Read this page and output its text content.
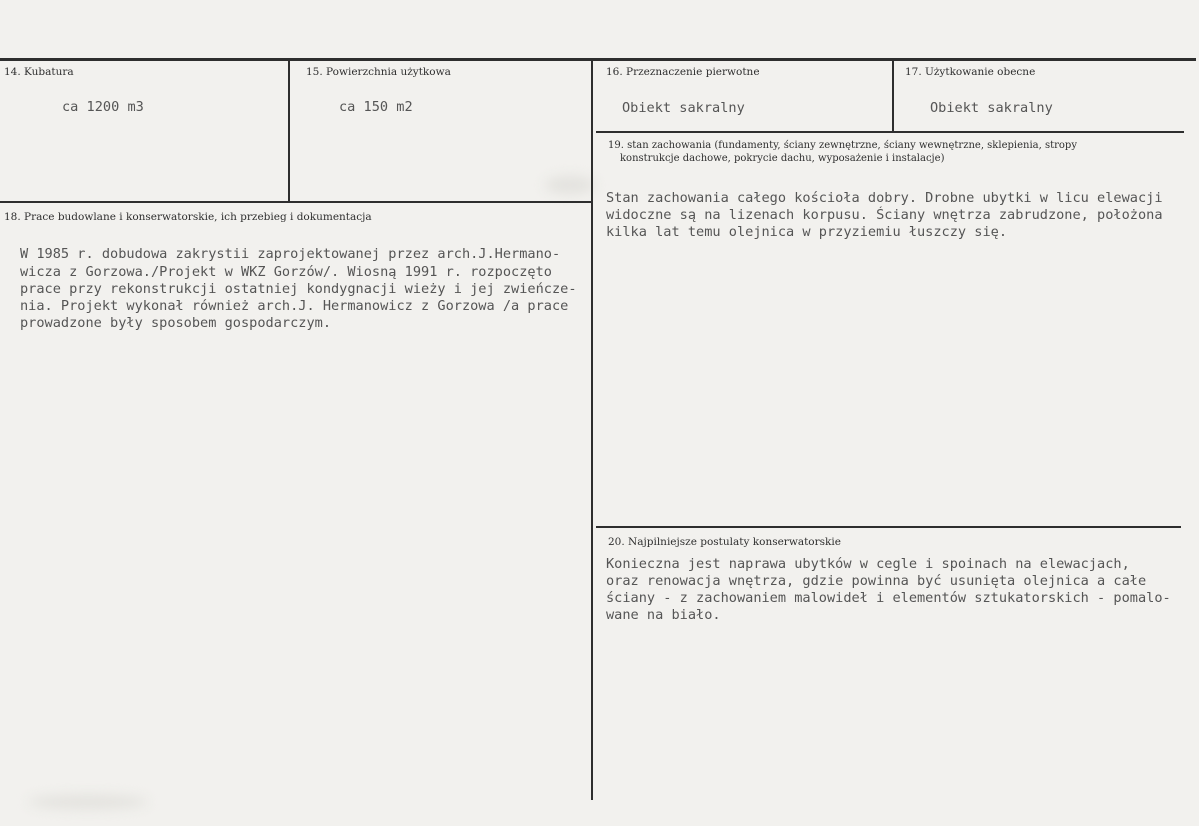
14. Kubatura
ca 1200 m3
15. Powierzchnia użytkowa
ca 150 m2
16. Przeznaczenie pierwotne
Obiekt sakralny
17. Użytkowanie obecne
Obiekt sakralny
18. Prace budowlane i konserwatorskie, ich przebieg i dokumentacja
W 1985 r. dobudowa zakrystii zaprojektowanej przez arch.J.Hermano-
wicza z Gorzowa./Projekt w WKZ Gorzów/. Wiosną 1991 r. rozpoczęto
prace przy rekonstrukcji ostatniej kondygnacji wieży i jej zwieńcze-
nia. Projekt wykonał również arch.J. Hermanowicz z Gorzowa /a prace
prowadzone były sposobem gospodarczym.
19. stan zachowania (fundamenty, ściany zewnętrzne, ściany wewnętrzne, sklepienia, stropy
konstrukcje dachowe, pokrycie dachu, wyposażenie i instalacje)
Stan zachowania całego kościoła dobry. Drobne ubytki w licu elewacji
widoczne są na lizenach korpusu. Ściany wnętrza zabrudzone, położona
kilka lat temu olejnica w przyziemiu łuszczy się.
20. Najpilniejsze postulaty konserwatorskie
Konieczna jest naprawa ubytków w cegle i spoinach na elewacjach,
oraz renowacja wnętrza, gdzie powinna być usunięta olejnica a całe
ściany - z zachowaniem malowideł i elementów sztukatorskich - pomalo-
wane na biało.
